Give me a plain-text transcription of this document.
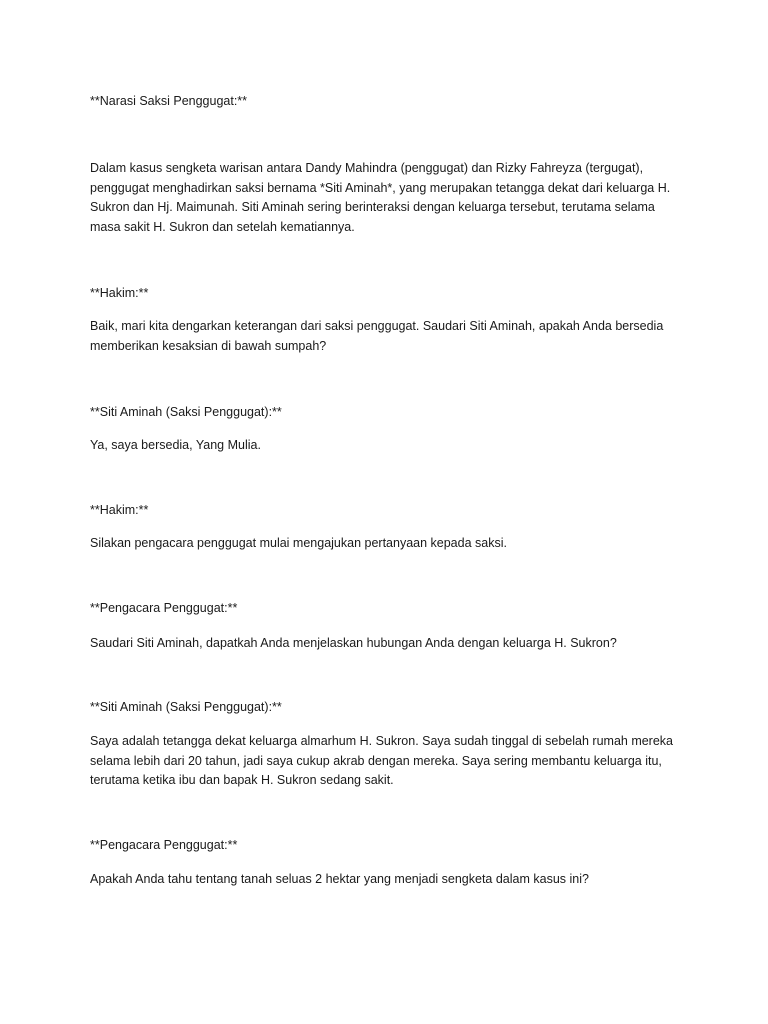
**Narasi Saksi Penggugat:**

Dalam kasus sengketa warisan antara Dandy Mahindra (penggugat) dan Rizky Fahreyza (tergugat),

penggugat menghadirkan saksi bernama *Siti Aminah*, yang merupakan tetangga dekat dari keluarga H.

Sukron dan Hj. Maimunah. Siti Aminah sering berinteraksi dengan keluarga tersebut, terutama selama

masa sakit H. Sukron dan setelah kematiannya.

**Hakim:**

Baik, mari kita dengarkan keterangan dari saksi penggugat. Saudari Siti Aminah, apakah Anda bersedia

memberikan kesaksian di bawah sumpah?

**Siti Aminah (Saksi Penggugat):**

Ya, saya bersedia, Yang Mulia.

**Hakim:**

Silakan pengacara penggugat mulai mengajukan pertanyaan kepada saksi.

**Pengacara Penggugat:**

Saudari Siti Aminah, dapatkah Anda menjelaskan hubungan Anda dengan keluarga H. Sukron?

**Siti Aminah (Saksi Penggugat):**

Saya adalah tetangga dekat keluarga almarhum H. Sukron. Saya sudah tinggal di sebelah rumah mereka

selama lebih dari 20 tahun, jadi saya cukup akrab dengan mereka. Saya sering membantu keluarga itu,

terutama ketika ibu dan bapak H. Sukron sedang sakit.

**Pengacara Penggugat:**

Apakah Anda tahu tentang tanah seluas 2 hektar yang menjadi sengketa dalam kasus ini?
